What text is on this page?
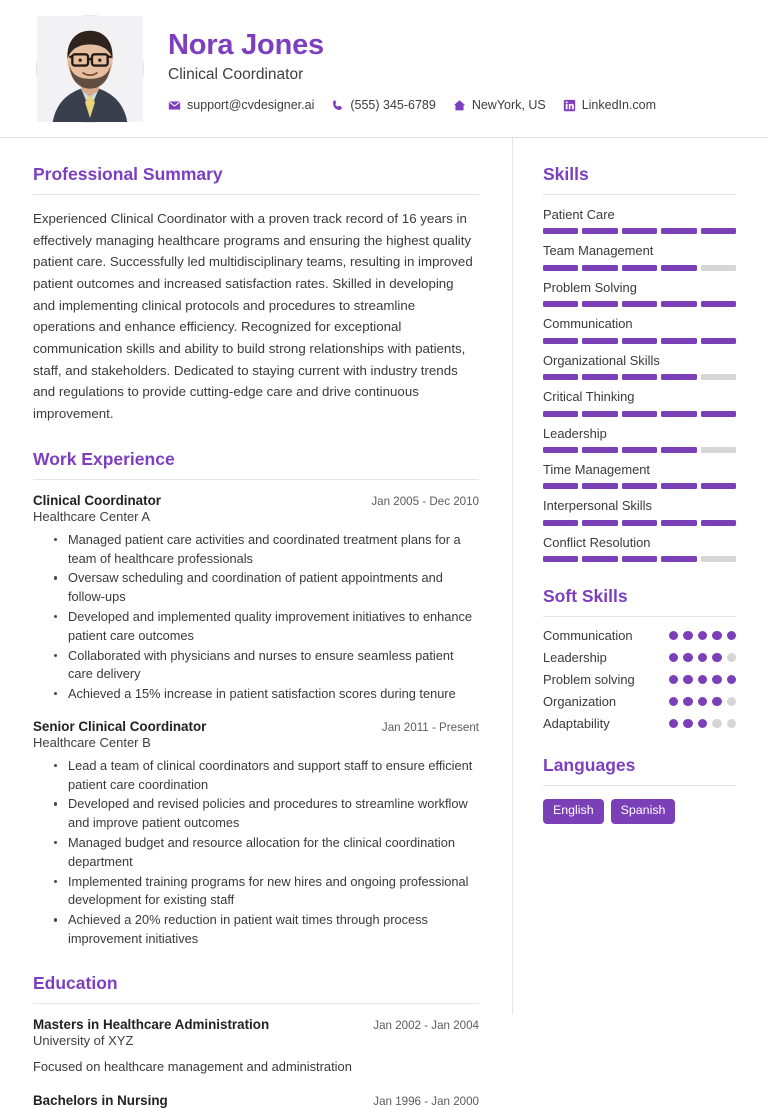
Nora Jones
Clinical Coordinator
support@cvdesigner.ai	(555) 345-6789	NewYork, US	LinkedIn.com
Professional Summary

Experienced Clinical Coordinator with a proven track record of 16 years in effectively managing healthcare programs and ensuring the highest quality patient care. Successfully led multidisciplinary teams, resulting in improved patient outcomes and increased satisfaction rates. Skilled in developing and implementing clinical protocols and procedures to streamline operations and enhance efficiency. Recognized for exceptional communication skills and ability to build strong relationships with patients, staff, and stakeholders. Dedicated to staying current with industry trends and regulations to provide cutting-edge care and drive continuous improvement.

Work Experience
Clinical Coordinator	Jan 2005 - Dec 2010
Healthcare Center A
Managed patient care activities and coordinated treatment plans for a team of healthcare professionals
Oversaw scheduling and coordination of patient appointments and follow-ups
Developed and implemented quality improvement initiatives to enhance patient care outcomes
Collaborated with physicians and nurses to ensure seamless patient care delivery
Achieved a 15% increase in patient satisfaction scores during tenure
Senior Clinical Coordinator	Jan 2011 - Present
Healthcare Center B
Lead a team of clinical coordinators and support staff to ensure efficient patient care coordination
Developed and revised policies and procedures to streamline workflow and improve patient outcomes
Managed budget and resource allocation for the clinical coordination department
Implemented training programs for new hires and ongoing professional development for existing staff
Achieved a 20% reduction in patient wait times through process improvement initiatives
Education
Masters in Healthcare Administration	Jan 2002 - Jan 2004
University of XYZ
Focused on healthcare management and administration
Bachelors in Nursing	Jan 1996 - Jan 2000
Skills
Patient Care
Team Management
Problem Solving
Communication
Organizational Skills
Critical Thinking
Leadership
Time Management
Interpersonal Skills
Conflict Resolution
Soft Skills
Communication
Leadership
Problem solving
Organization
Adaptability
Languages
English	Spanish
